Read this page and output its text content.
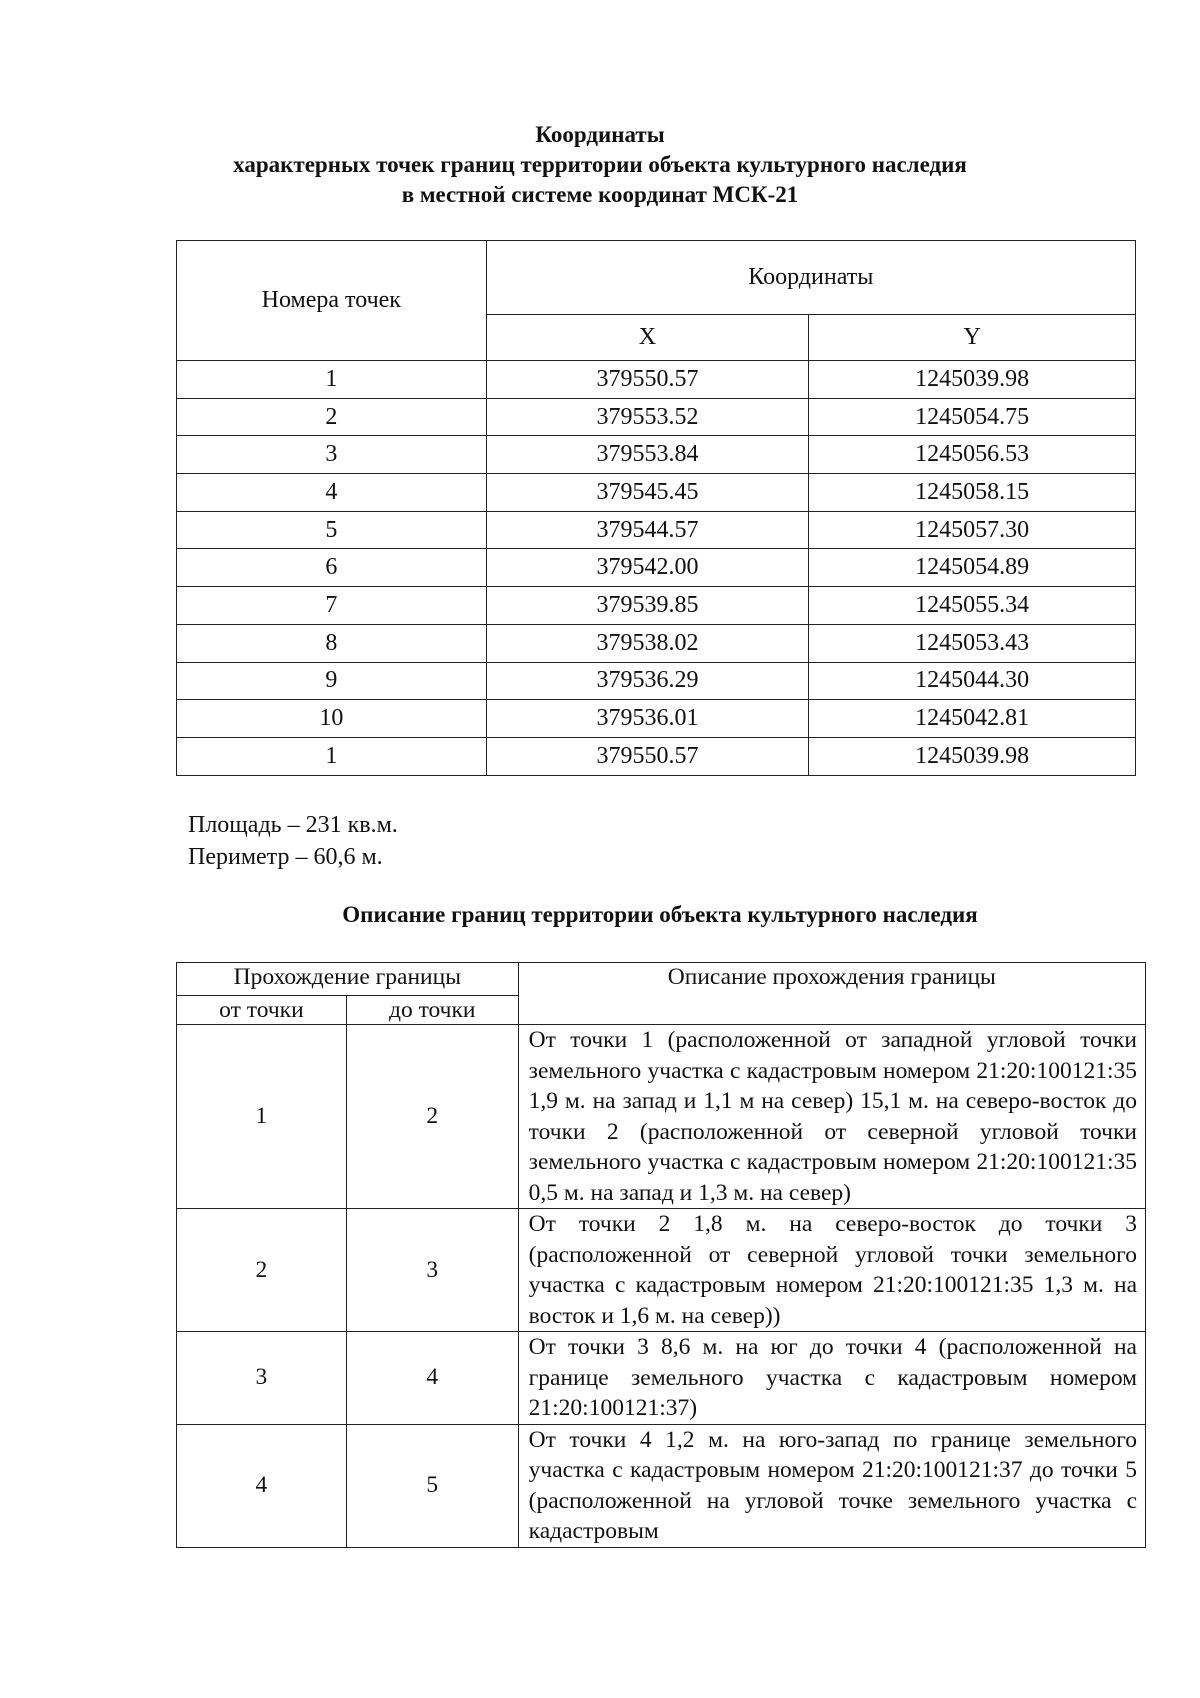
Координаты
характерных точек границ территории объекта культурного наследия
в местной системе координат МСК-21
Номера точек	Координаты	
	X	Y
1	379550.57	1245039.98
2	379553.52	1245054.75
3	379553.84	1245056.53
4	379545.45	1245058.15
5	379544.57	1245057.30
6	379542.00	1245054.89
7	379539.85	1245055.34
8	379538.02	1245053.43
9	379536.29	1245044.30
10	379536.01	1245042.81
1	379550.57	1245039.98
Площадь – 231 кв.м.
Периметр – 60,6 м.
Описание границ территории объекта культурного наследия
Прохождение границы		Описание прохождения границы
от точки	до точки	
1	2	От точки 1 (расположенной от западной угловой точки земельного участка с кадастровым номером 21:20:100121:35 1,9 м. на запад и 1,1 м на север) 15,1 м. на северо-восток до точки 2 (расположенной от северной угловой точки земельного участка с кадастровым номером 21:20:100121:35 0,5 м. на запад и 1,3 м. на север)
2	3	От точки 2 1,8 м. на северо-восток до точки 3 (расположенной от северной угловой точки земельного участка с кадастровым номером 21:20:100121:35 1,3 м. на восток и 1,6 м. на север))
3	4	От точки 3 8,6 м. на юг до точки 4 (расположенной на границе земельного участка с кадастровым номером 21:20:100121:37)
4	5	От точки 4 1,2 м. на юго-запад по границе земельного участка с кадастровым номером 21:20:100121:37 до точки 5 (расположенной на угловой точке земельного участка с кадастровым
